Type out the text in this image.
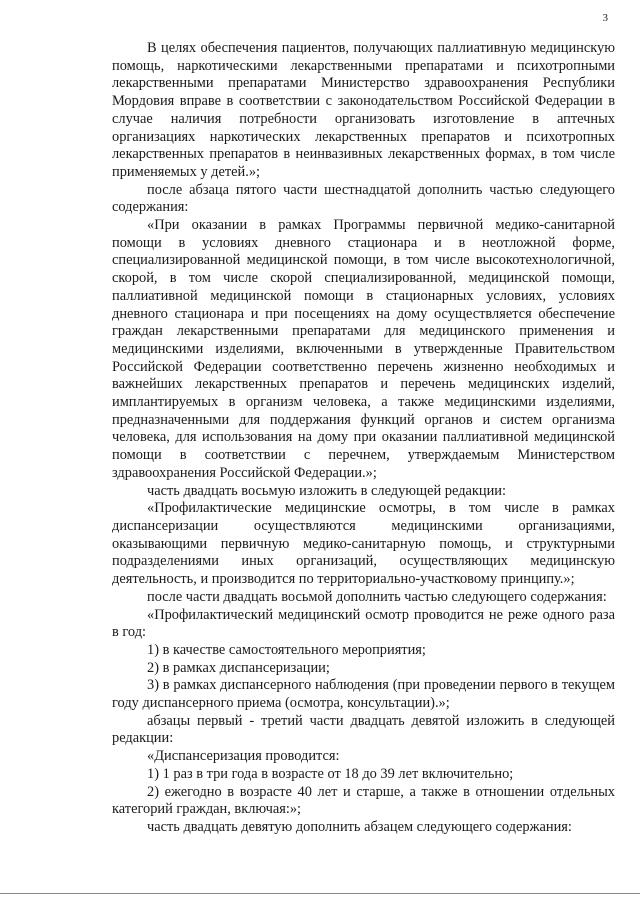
3

В целях обеспечения пациентов, получающих паллиативную медицинскую помощь, наркотическими лекарственными препаратами и психотропными лекарственными препаратами Министерство здравоохранения Республики Мордовия вправе в соответствии с законодательством Российской Федерации в случае наличия потребности организовать изготовление в аптечных организациях наркотических лекарственных препаратов и психотропных лекарственных препаратов в неинвазивных лекарственных формах, в том числе применяемых у детей.»;

после абзаца пятого части шестнадцатой дополнить частью следующего содержания:

«При оказании в рамках Программы первичной медико-санитарной помощи в условиях дневного стационара и в неотложной форме, специализированной медицинской помощи, в том числе высокотехнологичной, скорой, в том числе скорой специализированной, медицинской помощи, паллиативной медицинской помощи в стационарных условиях, условиях дневного стационара и при посещениях на дому осуществляется обеспечение граждан лекарственными препаратами для медицинского применения и медицинскими изделиями, включенными в утвержденные Правительством Российской Федерации соответственно перечень жизненно необходимых и важнейших лекарственных препаратов и перечень медицинских изделий, имплантируемых в организм человека, а также медицинскими изделиями, предназначенными для поддержания функций органов и систем организма человека, для использования на дому при оказании паллиативной медицинской помощи в соответствии с перечнем, утверждаемым Министерством здравоохранения Российской Федерации.»;

часть двадцать восьмую изложить в следующей редакции:

«Профилактические медицинские осмотры, в том числе в рамках диспансеризации осуществляются медицинскими организациями, оказывающими первичную медико-санитарную помощь, и структурными подразделениями иных организаций, осуществляющих медицинскую деятельность, и производится по территориально-участковому принципу.»;

после части двадцать восьмой дополнить частью следующего содержания:

«Профилактический медицинский осмотр проводится не реже одного раза в год:

1) в качестве самостоятельного мероприятия;

2) в рамках диспансеризации;

3) в рамках диспансерного наблюдения (при проведении первого в текущем году диспансерного приема (осмотра, консультации).»;

абзацы первый - третий части двадцать девятой изложить в следующей редакции:

«Диспансеризация проводится:

1) 1 раз в три года в возрасте от 18 до 39 лет включительно;

2) ежегодно в возрасте 40 лет и старше, а также в отношении отдельных категорий граждан, включая:»;

часть двадцать девятую дополнить абзацем следующего содержания:
